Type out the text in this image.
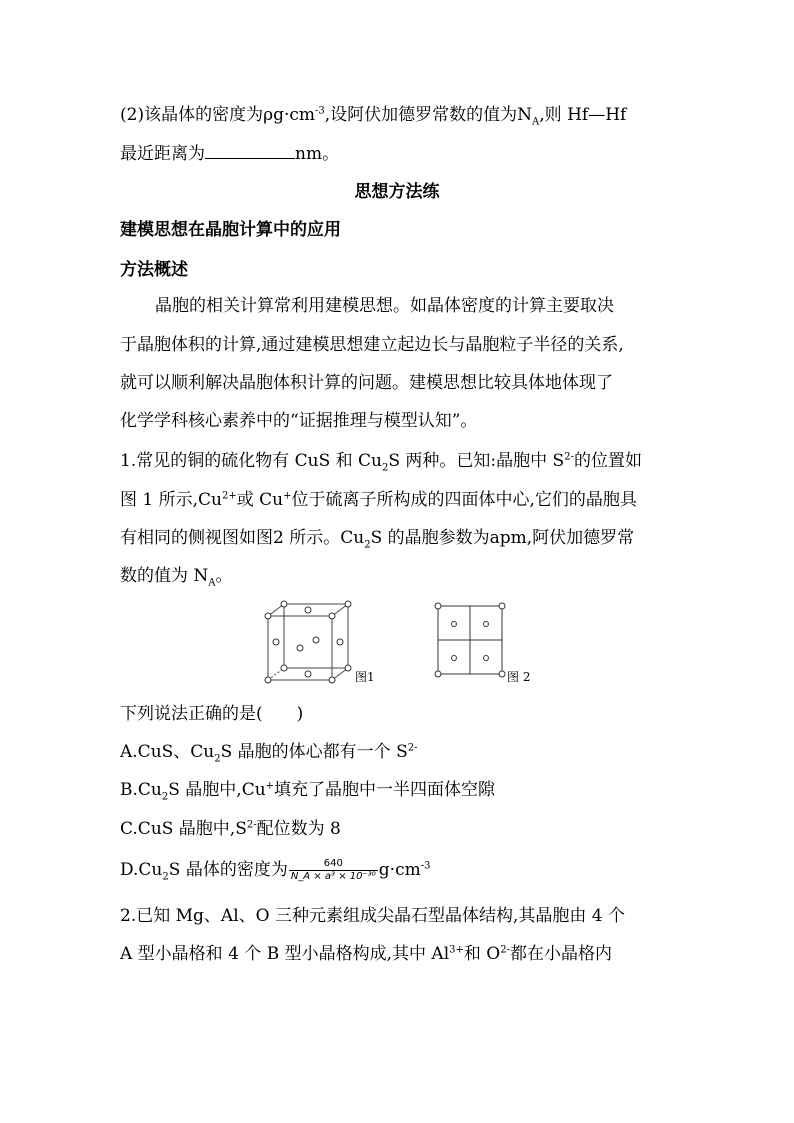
(2)该晶体的密度为$\rho g\cdot cm^{-3}$,设阿伏加德罗常数的值为$N_A$,则 Hf—Hf
最近距离为	nm。
思想方法练
建模思想在晶胞计算中的应用
方法概述
晶胞的相关计算常利用建模思想。如晶体密度的计算主要取决
于晶胞体积的计算,通过建模思想建立起边长与晶胞粒子半径的关系,
就可以顺利解决晶胞体积计算的问题。建模思想比较具体地体现了
化学学科核心素养中的“证据推理与模型认知”。
1.常见的铜的硫化物有 CuS 和 $Cu_2S$ 两种。已知:晶胞中 $S^{2-}$的位置如
图 1 所示$,Cu^{2+}$或 Cu+位于硫离子所构成的四面体中心,它们的晶胞具
有相同的侧视图如图2 所示。$Cu_2S$ 的晶胞参数为apm,阿伏加德罗常
数的值为 $N_A$。
图1	图 2
下列说法正确的是(　　)
A.CuS、$Cu_2S$ 晶胞的体心都有一个 $S^{2-}$
$B.Cu_2S$ 晶胞中,Cu+填充了晶胞中一半四面体空隙
C.CuS 晶胞中$,S^{2-}$配位数为 8
$D.Cu_2S$ 晶体的密度为 $\frac{640}{\text{N\_A × a³ × 10⁻³⁰}} g\cdot cm^{-3}$
2.已知 Mg、Al、O 三种元素组成尖晶石型晶体结构,其晶胞由 4 个
A 型小晶格和 4 个 B 型小晶格构成,其中 $Al^{3+}$和 $O^{2-}$都在小晶格内
